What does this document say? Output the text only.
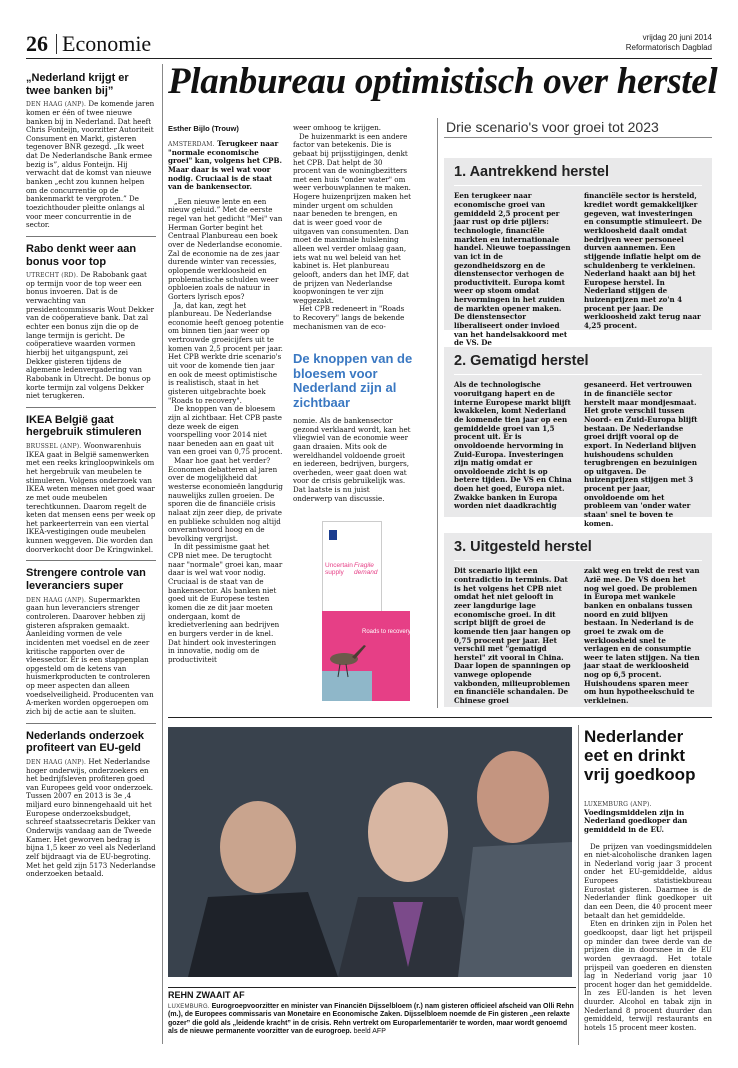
26 Economie	vrijdag 20 juni 2014
Reformatorisch Dagblad
„Nederland krijgt er twee banken bij”

DEN HAAG (ANP). De komende jaren komen er één of twee nieuwe banken bij in Nederland. Dat heeft Chris Fonteijn, voorzitter Autoriteit Consument en Markt, gisteren tegenover BNR gezegd. „Ik weet dat De Nederlandsche Bank ermee bezig is”, aldus Fonteijn. Hij verwacht dat de komst van nieuwe banken „echt zou kunnen helpen om de concurrentie op de bankenmarkt te vergroten.” De toezichthouder pleitte onlangs al voor meer concurrentie in de sector.

Rabo denkt weer aan bonus voor top

UTRECHT (RD). De Rabobank gaat op termijn voor de top weer een bonus invoeren. Dat is de verwachting van presidentcommissaris Wout Dekker van de coöperatieve bank. Dat zal echter een bonus zijn die op de lange termijn is gericht. De coöperatieve waarden vormen hierbij het uitgangspunt, zei Dekker gisteren tijdens de algemene ledenvergadering van Rabobank in Utrecht. De bonus op korte termijn zal volgens Dekker niet terugkeren.

IKEA België gaat hergebruik stimuleren

BRUSSEL (ANP). Woonwarenhuis IKEA gaat in België samenwerken met een reeks kringloopwinkels om het hergebruik van meubelen te stimuleren. Volgens onderzoek van IKEA weten mensen niet goed waar ze met oude meubelen terechtkunnen. Daarom regelt de keten dat mensen eens per week op het parkeerterrein van een viertal IKEA-vestigingen oude meubelen kunnen weggeven. Die worden dan doorverkocht door De Kringwinkel.

Strengere controle van leveranciers super

DEN HAAG (ANP). Supermarkten gaan hun leveranciers strenger controleren. Daarover hebben zij gisteren afspraken gemaakt. Aanleiding vormen de vele incidenten met voedsel en de zeer kritische rapporten over de vleessector. Er is een stappenplan opgesteld om de ketens van huismerkproducten te controleren op meer aspecten dan alleen voedselveiligheid. Producenten van A-merken worden opgeroepen om zich bij de actie aan te sluiten.

Nederlands onderzoek profiteert van EU-geld

DEN HAAG (ANP). Het Nederlandse hoger onderwijs, onderzoekers en het bedrijfsleven profiteren goed van Europees geld voor onderzoek. Tussen 2007 en 2013 is 3e ,4 miljard euro binnengehaald uit het Europese onderzoeksbudget, schreef staatssecretaris Dekker van Onderwijs vandaag aan de Tweede Kamer. Het geworven bedrag is bijna 1,5 keer zo veel als Nederland zelf bijdraagt via de EU-begroting. Met het geld zijn 5173 Nederlandse onderzoeken betaald.

Planbureau optimistisch over herstel
Esther Bijlo (Trouw)

AMSTERDAM. Terugkeer naar "normale economische groei" kan, volgens het CPB. Maar daar is wel wat voor nodig. Cruciaal is de staat van de bankensector.

„Een nieuwe lente en een nieuw geluid.” Met de eerste regel van het gedicht "Mei" van Herman Gorter begint het Centraal Planbureau een boek over de Nederlandse economie. Zal de economie na de zes jaar durende winter van recessies, oplopende werkloosheid en problematische schulden weer opbloeien zoals de natuur in Gorters lyrisch epos?

Ja, dat kan, zegt het planbureau. De Nederlandse economie heeft genoeg potentie om binnen tien jaar weer op vertrouwde groeicijfers uit te komen van 2,5 procent per jaar. Het CPB werkte drie scenario's uit voor de komende tien jaar en ook de meest optimistische is realistisch, staat in het gisteren uitgebrachte boek "Roads to recovery".

De knoppen van de bloesem zijn al zichtbaar. Het CPB paste deze week de eigen voorspelling voor 2014 niet naar beneden aan en gaat uit van een groei van 0,75 procent.

Maar hoe gaat het verder? Economen debatteren al jaren over de mogelijkheid dat westerse economieën langdurig nauwelijks zullen groeien. De sporen die de financiële crisis nalaat zijn zeer diep, de private en publieke schulden nog altijd onverantwoord hoog en de bevolking vergrijst.

In dit pessimisme gaat het CPB niet mee. De terugtocht naar "normale" groei kan, maar daar is wel wat voor nodig. Cruciaal is de staat van de bankensector. Als banken niet goed uit de Europese testen komen die ze dit jaar moeten ondergaan, komt de kredietverlening aan bedrijven en burgers verder in de knel. Dat hindert ook investeringen in innovatie, nodig om de productiviteit

weer omhoog te krijgen.

De huizenmarkt is een andere factor van betekenis. Die is gebaat bij prijsstijgingen, denkt het CPB. Dat helpt de 30 procent van de woningbezitters met een huis "onder water" om weer verbouwplannen te maken. Hogere huizenprijzen maken het minder urgent om schulden naar beneden te brengen, en dat is weer goed voor de uitgaven van consumenten. Dan moet de maximale hulslening alleen wel verder omlaag gaan, iets wat nu wel beleid van het kabinet is. Het planbureau gelooft, anders dan het IMF, dat de prijzen van Nederlandse koopwoningen te ver zijn weggezakt.

Het CPB redeneert in "Roads to Recovery" langs de bekende mechanismen van de eco-

De knoppen van de bloesem voor Nederland zijn al zichtbaar

nomie. Als de bankensector gezond verklaard wordt, kan het vliegwiel van de economie weer gaan draaien. Mits ook de wereldhandel voldoende groeit en iedereen, bedrijven, burgers, overheden, weer gaat doen wat voor de crisis gebruikelijk was. Dat laatste is nu juist onderwerp van discussie.

Uncertain supply
Fragile demand
Roads to recovery
Drie scenario's voor groei tot 2023
1. Aantrekkend herstel
Een terugkeer naar economische groei van gemiddeld 2,5 procent per jaar rust op drie pijlers: technologie, financiële markten en internationale handel. Nieuwe toepassingen van ict in de gezondheidszorg en de dienstensector verhogen de productiviteit. Europa komt weer op stoom omdat hervormingen in het zuiden de markten opener maken. De dienstensector liberaliseert onder invloed van het handelsakkoord met de VS. De
financiële sector is hersteld, krediet wordt gemakkelijker gegeven, wat investeringen en consumptie stimuleert. De werkloosheid daalt omdat bedrijven weer personeel durven aannemen. Een stijgende inflatie helpt om de schuldenberg te verkleinen. Nederland haakt aan bij het Europese herstel. In Nederland stijgen de huizenprijzen met zo'n 4 procent per jaar. De werkloosheid zakt terug naar 4,25 procent.
2. Gematigd herstel
Als de technologische vooruitgang hapert en de interne Europese markt blijft kwakkelen, komt Nederland de komende tien jaar op een gemiddelde groei van 1,5 procent uit. Er is onvoldoende hervorming in Zuid-Europa. Investeringen zijn matig omdat er onvoldoende zicht is op betere tijden. De VS en China doen het goed, Europa niet. Zwakke banken in Europa worden niet daadkrachtig
gesaneerd. Het vertrouwen in de financiële sector herstelt maar mondjesmaat. Het grote verschil tussen Noord- en Zuid-Europa blijft bestaan. De Nederlandse groei drijft vooral op de export. In Nederland blijven huishoudens schulden terugbrengen en bezuinigen op uitgaven. De huizenprijzen stijgen met 3 procent per jaar, onvoldoende om het probleem van 'onder water staan' snel te boven te komen.
3. Uitgesteld herstel
Dit scenario lijkt een contradictio in terminis. Dat is het volgens het CPB niet omdat het niet gelooft in zeer langdurige lage economische groei. In dit script blijft de groei de komende tien jaar hangen op 0,75 procent per jaar. Het verschil met "gematigd herstel" zit vooral in China. Daar lopen de spanningen op vanwege oplopende vakbonden, milieuproblemen en financiële schandalen. De Chinese groei
zakt weg en trekt de rest van Azië mee. De VS doen het nog wel goed. De problemen in Europa met wankele banken en onbalans tussen noord en zuid blijven bestaan. In Nederland is de groei te zwak om de werkloosheid snel te verlagen en de consumptie weer te laten stijgen. Na tien jaar staat de werkloosheid nog op 6,5 procent. Huishoudens sparen meer om hun hypotheekschuld te verkleinen.
REHN ZWAAIT AF
LUXEMBURG. Eurogroepvoorzitter en minister van Financiën Dijsselbloem (r.) nam gisteren officieel afscheid van Olli Rehn (m.), de Europees commissaris van Monetaire en Economische Zaken. Dijsselbloem noemde de Fin gisteren „een relaxte gozer” die gold als „leidende kracht” in de crisis. Rehn vertrekt om Europarlementariër te worden, maar wordt genoemd als de nieuwe permanente voorzitter van de eurogroep. beeld AFP
Nederlander eet en drinkt vrij goedkoop

LUXEMBURG (ANP). Voedingsmiddelen zijn in Nederland goedkoper dan gemiddeld in de EU.

De prijzen van voedingsmiddelen en niet-alcoholische dranken lagen in Nederland vorig jaar 3 procent onder het EU-gemiddelde, aldus Europees statistiekbureau Eurostat gisteren. Daarmee is de Nederlander flink goedkoper uit dan een Deen, die 40 procent meer betaalt dan het gemiddelde.

Eten en drinken zijn in Polen het goedkoopst, daar ligt het prijspeil op minder dan twee derde van de prijzen die in doorsnee in de EU worden gevraagd. Het totale prijspeil van goederen en diensten lag in Nederland vorig jaar 10 procent hoger dan het gemiddelde. In zes EU-landen is het leven duurder. Alcohol en tabak zijn in Nederland 8 procent duurder dan gemiddeld, terwijl restaurants en hotels 15 procent meer kosten.
